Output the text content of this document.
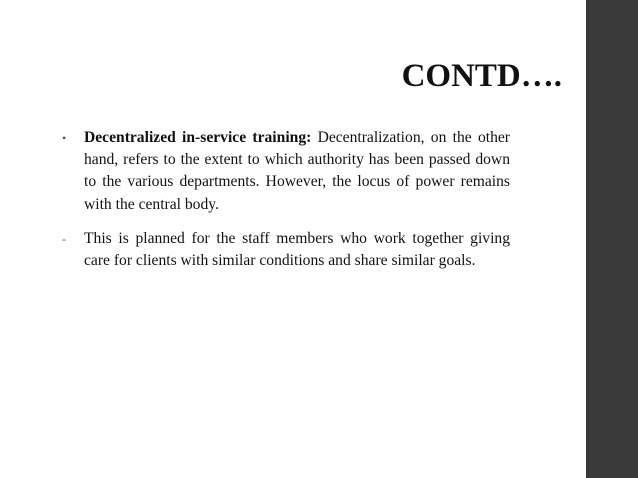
CONTD….

•	Decentralized in-service training: Decentralization, on the other hand, refers to the extent to which authority has been passed down to the various departments. However, the locus of power remains with the central body.

-	This is planned for the staff members who work together giving care for clients with similar conditions and share similar goals.
